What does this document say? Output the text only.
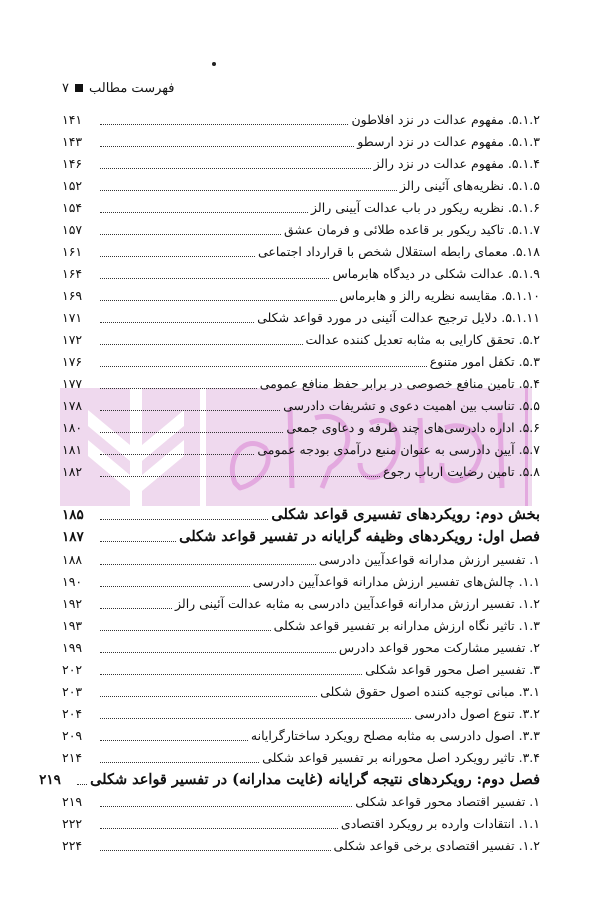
فهرست مطالب
۷
۵.۱.۲. مفهوم عدالت در نزد افلاطون
۱۴۱
۵.۱.۳. مفهوم عدالت در نزد ارسطو
۱۴۳
۵.۱.۴. مفهوم عدالت در نزد رالز
۱۴۶
۵.۱.۵. نظریه‌های آئینی رالز
۱۵۲
۵.۱.۶. نظریه ریکور در باب عدالت آیینی رالز
۱۵۴
۵.۱.۷. تاکید ریکور بر قاعده طلائی و فرمان عشق
۱۵۷
۵.۱۸. معمای رابطه استقلال شخص با قرارداد اجتماعی
۱۶۱
۵.۱.۹. عدالت شکلی در دیدگاه هابرماس
۱۶۴
۵.۱.۱۰. مقایسه نظریه رالز و هابرماس
۱۶۹
۵.۱.۱۱. دلایل ترجیح عدالت آئینی در مورد قواعد شکلی
۱۷۱
۵.۲. تحقق کارایی به مثابه تعدیل کننده عدالت
۱۷۲
۵.۳. تکفل امور متنوع
۱۷۶
۵.۴. تامین منافع خصوصی در برابر حفظ منافع عمومی
۱۷۷
۵.۵. تناسب بین اهمیت دعوی و تشریفات دادرسی
۱۷۸
۵.۶. اداره دادرسی‌های چند طرفه و دعاوی جمعی
۱۸۰
۵.۷. آیین دادرسی به عنوان منبع درآمدی بودجه عمومی
۱۸۱
۵.۸. تامین رضایت ارباب رجوع
۱۸۲
بخش دوم: رویکردهای تفسیری قواعد شکلی
۱۸۵
فصل اول: رویکردهای وظیفه گرایانه در تفسیر قواعد شکلی
۱۸۷
۱. تفسیر ارزش مدارانه قواعدآیین دادرسی
۱۸۸
۱.۱. چالش‌های تفسیر ارزش مدارانه قواعدآیین دادرسی
۱۹۰
۱.۲. تفسیر ارزش مدارانه قواعدآیین دادرسی به مثابه عدالت آئینی رالز
۱۹۲
۱.۳. تاثیر نگاه ارزش مدارانه بر تفسیر قواعد شکلی
۱۹۳
۲. تفسیر مشارکت محور قواعد دادرس
۱۹۹
۳. تفسیر اصل محور قواعد شکلی
۲۰۲
۳.۱. مبانی توجیه کننده اصول حقوق شکلی
۲۰۳
۳.۲. تنوع اصول دادرسی
۲۰۴
۳.۳. اصول دادرسی به مثابه مصلح رویکرد ساختارگرایانه
۲۰۹
۳.۴. تاثیر رویکرد اصل محورانه بر تفسیر قواعد شکلی
۲۱۴
فصل دوم: رویکردهای نتیجه گرایانه (غایت مدارانه) در تفسیر قواعد شکلی
۲۱۹
۱. تفسیر اقتصاد محور قواعد شکلی
۲۱۹
۱.۱. انتقادات وارده بر رویکرد اقتصادی
۲۲۲
۱.۲. تفسیر اقتصادی برخی قواعد شکلی
۲۲۴
